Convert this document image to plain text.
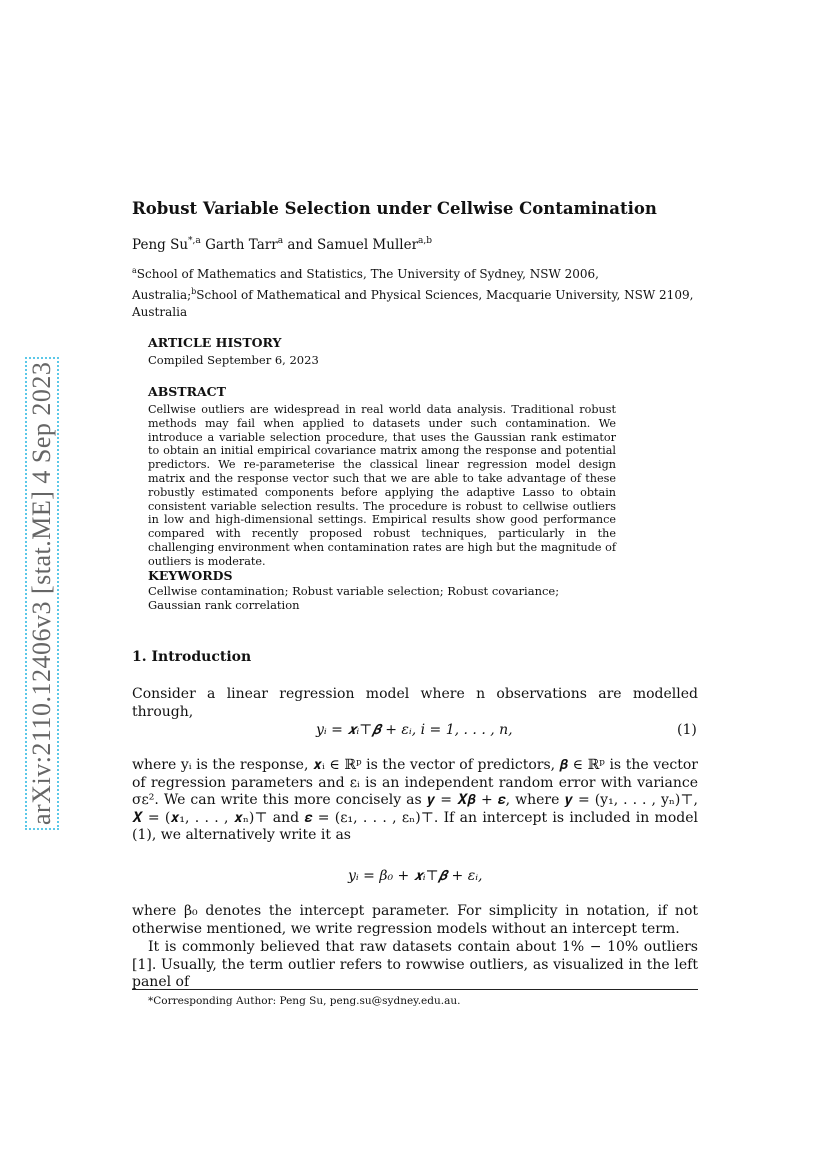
arXiv:2110.12406v3 [stat.ME] 4 Sep 2023
Robust Variable Selection under Cellwise Contamination
Peng $Su^{*,a}$ Garth Tarr$^a$ and Samuel Muller$^{a,b}$
$^a$School of Mathematics and Statistics, The University of Sydney, NSW 2006, Australia;$^b$School of Mathematical and Physical Sciences, Macquarie University, NSW 2109, Australia
ARTICLE HISTORY
Compiled September 6, 2023
ABSTRACT
Cellwise outliers are widespread in real world data analysis. Traditional robust methods may fail when applied to datasets under such contamination. We introduce a variable selection procedure, that uses the Gaussian rank estimator to obtain an initial empirical covariance matrix among the response and potential predictors. We re-parameterise the classical linear regression model design matrix and the response vector such that we are able to take advantage of these robustly estimated components before applying the adaptive Lasso to obtain consistent variable selection results. The procedure is robust to cellwise outliers in low and high-dimensional settings. Empirical results show good performance compared with recently proposed robust techniques, particularly in the challenging environment when contamination rates are high but the magnitude of outliers is moderate.
KEYWORDS
Cellwise contamination; Robust variable selection; Robust covariance; Gaussian rank correlation
1. Introduction
Consider a linear regression model where n observations are modelled through,
yᵢ = 𝒙ᵢ⊤𝜷 + εᵢ, i = 1, . . . , n,	(1)
where yᵢ is the response, 𝒙ᵢ ∈ ℝᵖ is the vector of predictors, 𝜷 ∈ ℝᵖ is the vector of regression parameters and εᵢ is an independent random error with variance σε². We can write this more concisely as 𝒚 = 𝑿𝜷 + 𝜺, where 𝒚 = (y₁, . . . , yₙ)⊤, 𝑿 = (𝒙₁, . . . , 𝒙ₙ)⊤ and 𝜺 = (ε₁, . . . , εₙ)⊤. If an intercept is included in model (1), we alternatively write it as
yᵢ = β₀ + 𝒙ᵢ⊤𝜷 + εᵢ,
where β₀ denotes the intercept parameter. For simplicity in notation, if not otherwise mentioned, we write regression models without an intercept term.
It is commonly believed that raw datasets contain about 1% − 10% outliers [1]. Usually, the term outlier refers to rowwise outliers, as visualized in the left panel of
*Corresponding Author: Peng Su, peng.su@sydney.edu.au.
